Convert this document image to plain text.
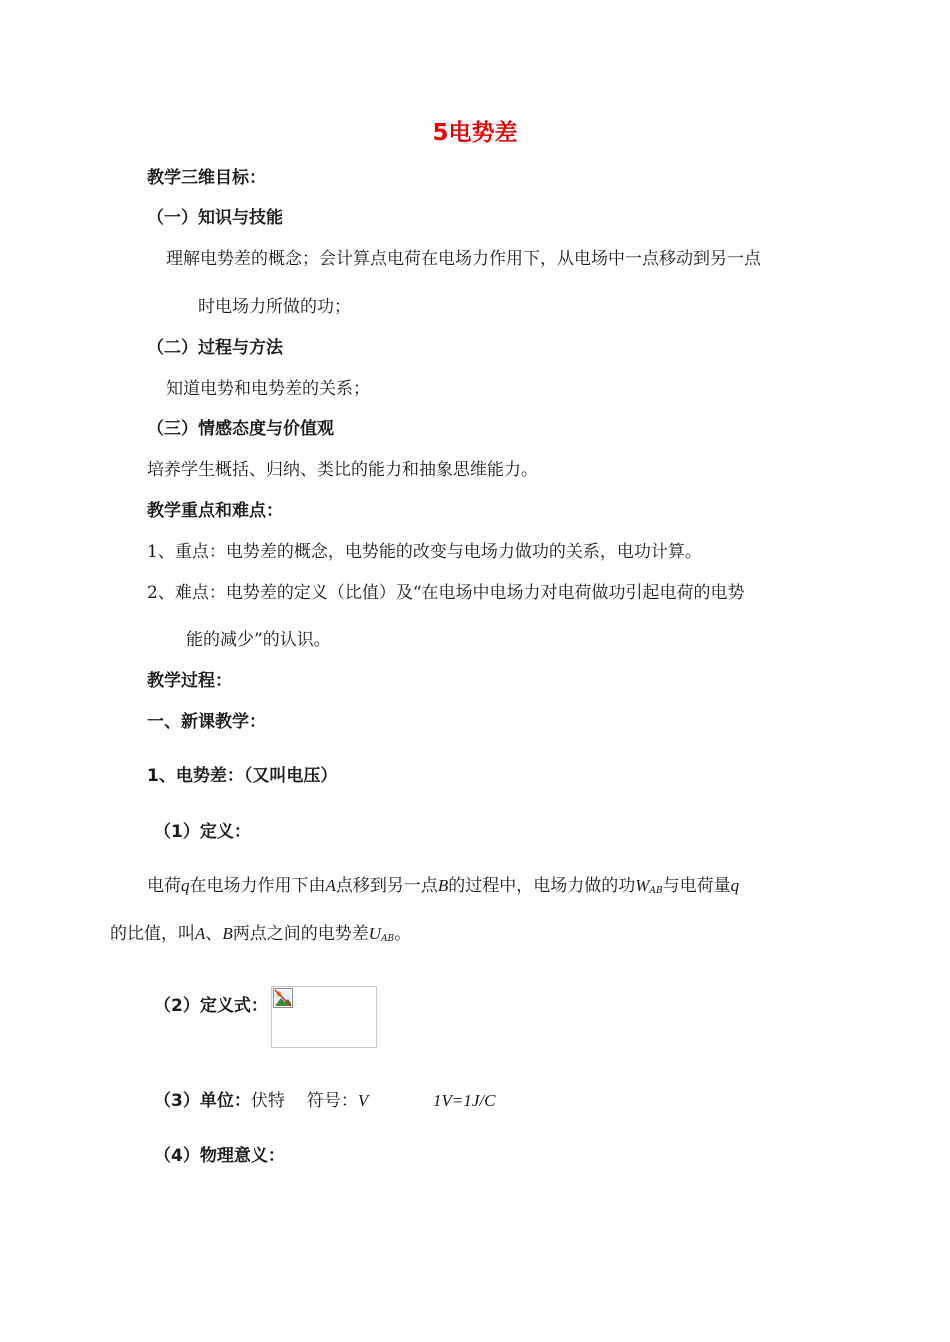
5电势差
教学三维目标：
（一）知识与技能
理解电势差的概念；会计算点电荷在电场力作用下，从电场中一点移动到另一点
时电场力所做的功；
（二）过程与方法
知道电势和电势差的关系；
（三）情感态度与价值观
培养学生概括、归纳、类比的能力和抽象思维能力。
教学重点和难点：
1、重点：电势差的概念，电势能的改变与电场力做功的关系，电功计算。
2、难点：电势差的定义（比值）及“在电场中电场力对电荷做功引起电荷的电势
能的减少”的认识。
教学过程：
一、新课教学：
1、电势差：（又叫电压）
（1）定义：
电荷q在电场力作用下由A点移到另一点B的过程中，电场力做的功$W_{AB}$与电荷量q
的比值，叫A、B两点之间的电势差$U_{AB}$。
（2）定义式：
（3）单位：伏特 符号：V	1V=1J/C
（4）物理意义：
